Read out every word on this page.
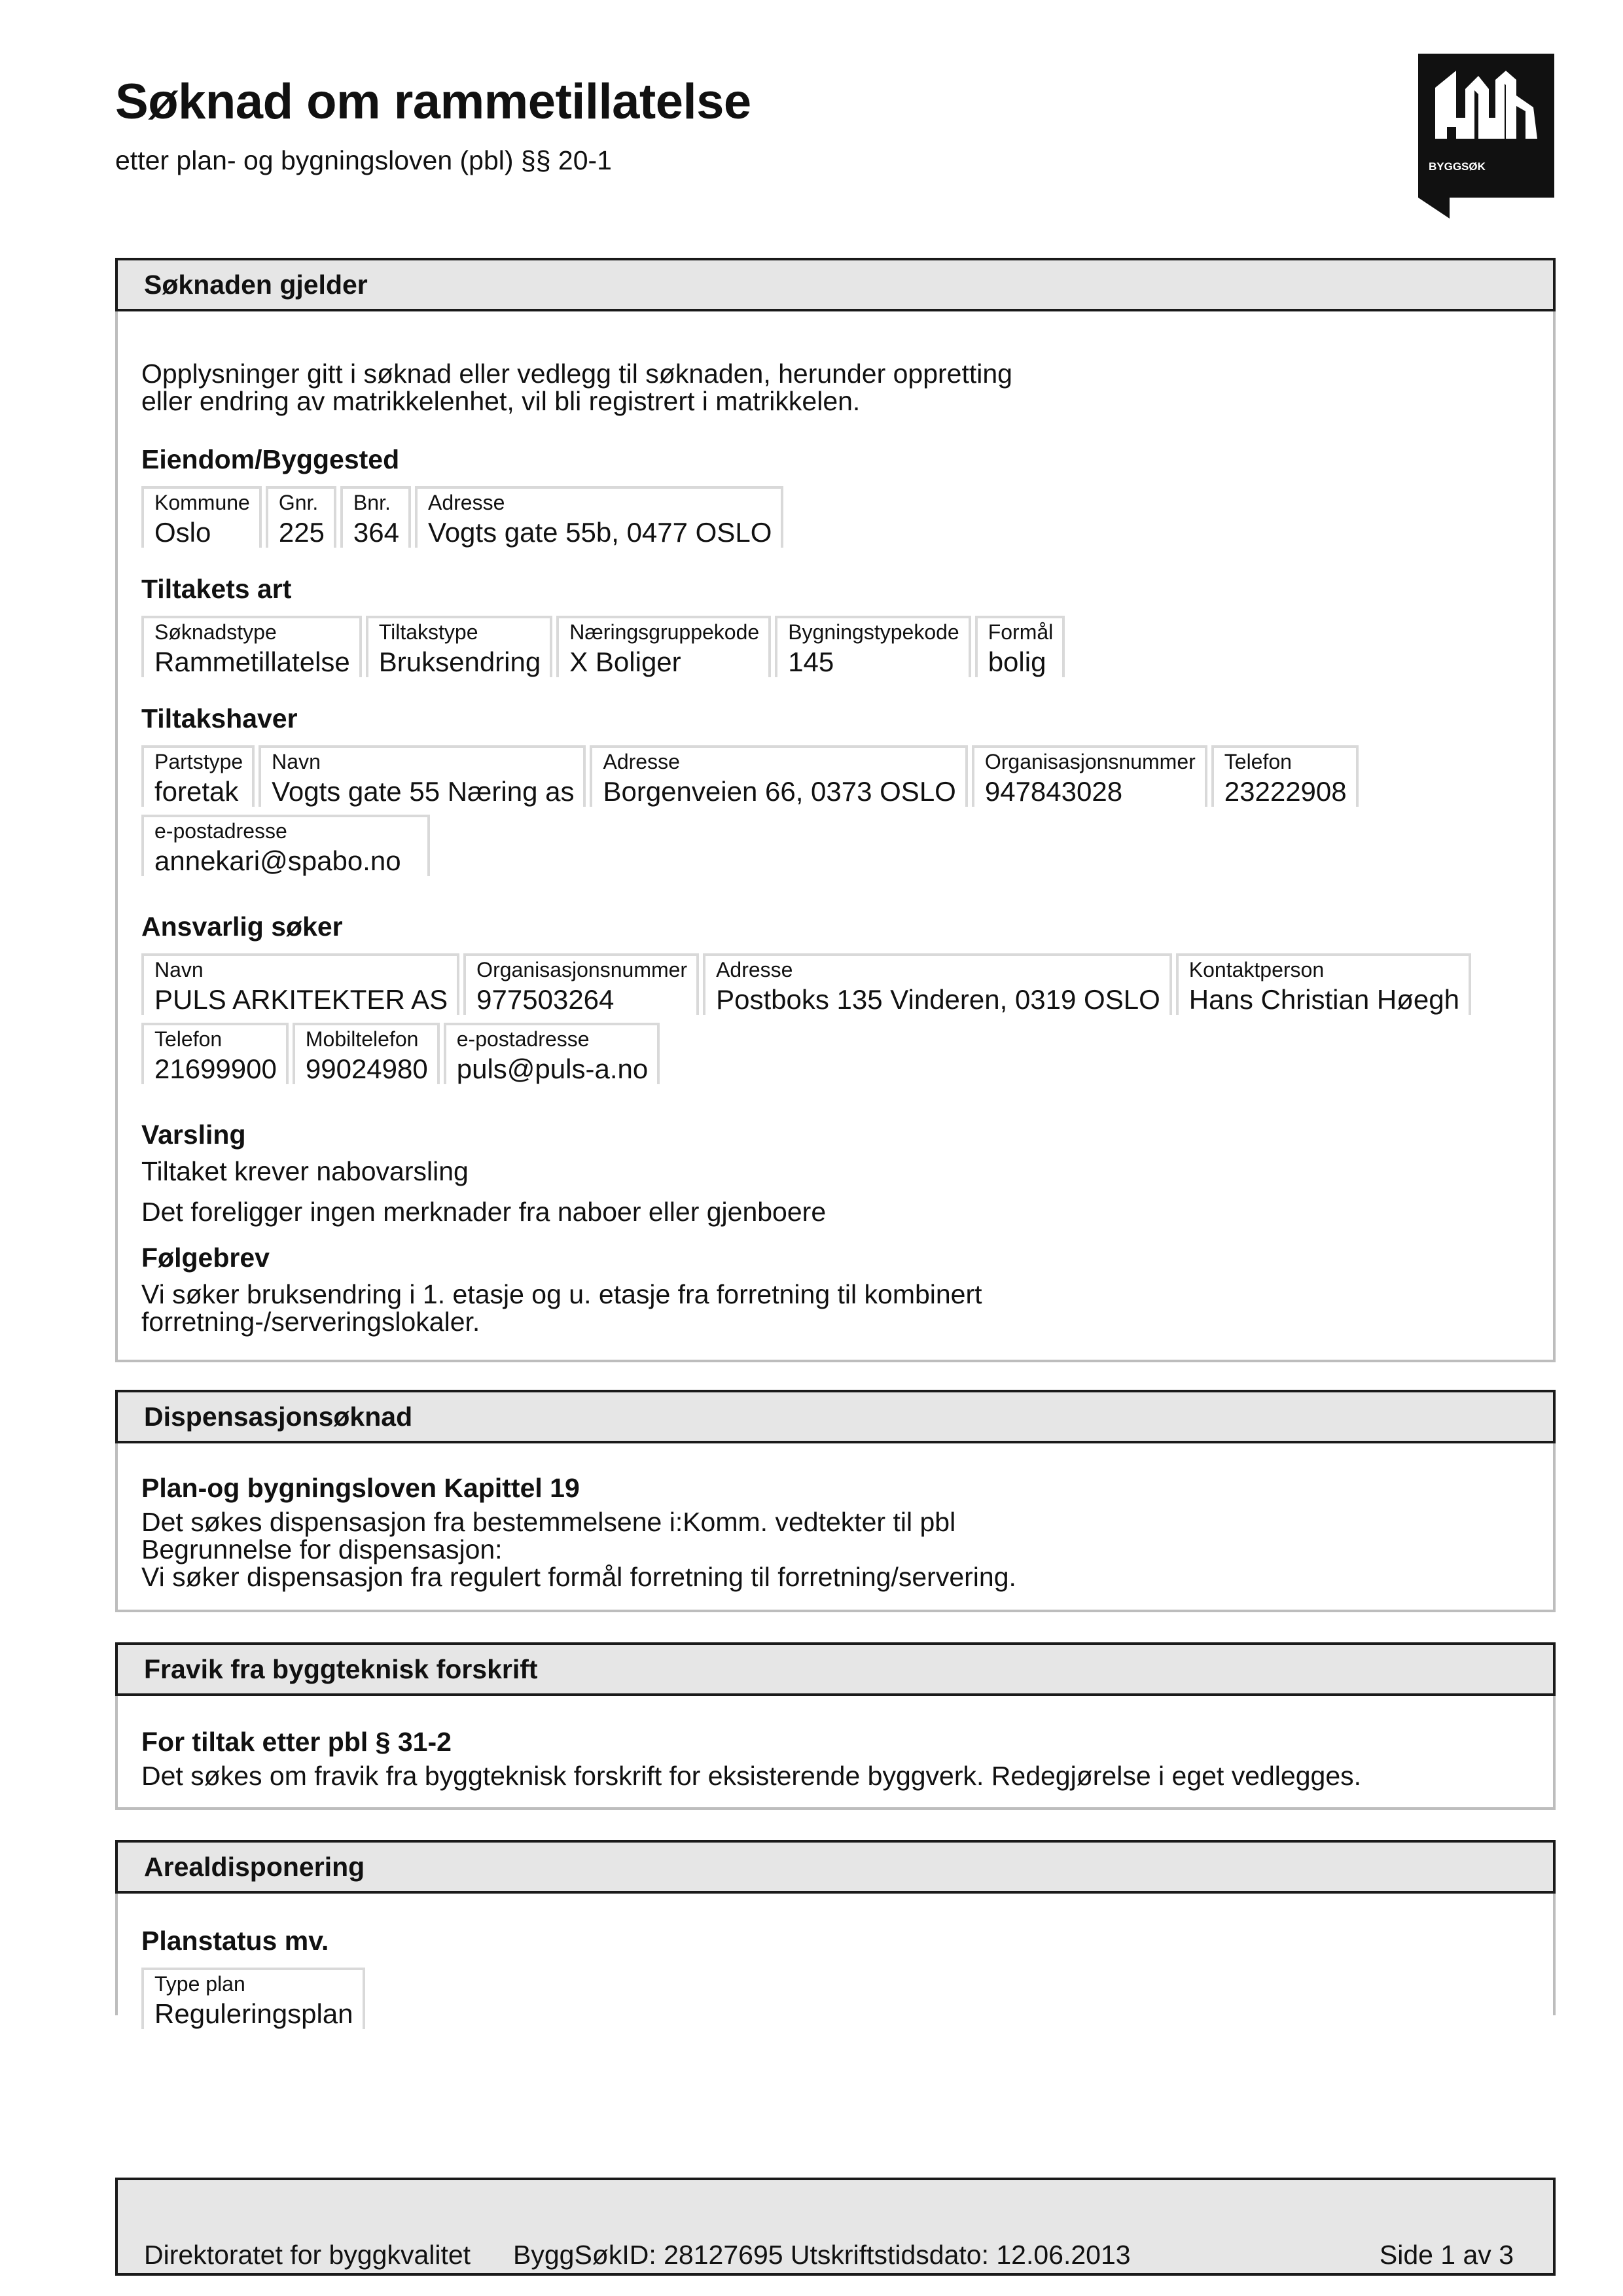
Søknad om rammetillatelse
etter plan- og bygningsloven (pbl) §§ 20-1	BYGGSØK
Søknaden gjelder
Opplysninger gitt i søknad eller vedlegg til søknaden, herunder oppretting
eller endring av matrikkelenhet, vil bli registrert i matrikkelen.
Eiendom/Byggested
Kommune
Oslo
Gnr.
225
Bnr.
364
Adresse
Vogts gate 55b, 0477 OSLO
Tiltakets art
Søknadstype
Rammetillatelse
Tiltakstype
Bruksendring
Næringsgruppekode
X Boliger
Bygningstypekode
145
Formål
bolig
Tiltakshaver
Partstype
foretak
Navn
Vogts gate 55 Næring as
Adresse
Borgenveien 66, 0373 OSLO
Organisasjonsnummer
947843028
Telefon
23222908
e-postadresse
annekari@spabo.no
Ansvarlig søker
Navn
PULS ARKITEKTER AS
Organisasjonsnummer
977503264
Adresse
Postboks 135 Vinderen, 0319 OSLO
Kontaktperson
Hans Christian Høegh
Telefon
21699900
Mobiltelefon
99024980
e-postadresse
puls@puls-a.no
Varsling
Tiltaket krever nabovarsling
Det foreligger ingen merknader fra naboer eller gjenboere
Følgebrev
Vi søker bruksendring i 1. etasje og u. etasje fra forretning til kombinert
forretning-/serveringslokaler.
Dispensasjonsøknad
Plan-og bygningsloven Kapittel 19
Det søkes dispensasjon fra bestemmelsene i:Komm. vedtekter til pbl
Begrunnelse for dispensasjon:
Vi søker dispensasjon fra regulert formål forretning til forretning/servering.
Fravik fra byggteknisk forskrift
For tiltak etter pbl § 31-2
Det søkes om fravik fra byggteknisk forskrift for eksisterende byggverk. Redegjørelse i eget vedlegges.
Arealdisponering
Planstatus mv.
Type plan
Reguleringsplan
Direktoratet for byggkvalitet ByggSøkID: 28127695 Utskriftstidsdato: 12.06.2013	Side 1 av 3
